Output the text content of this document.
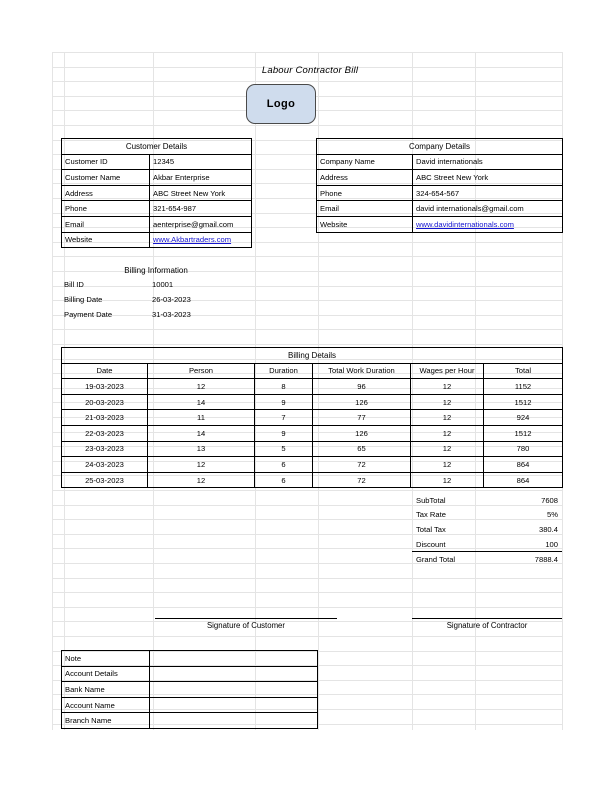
Labour Contractor Bill
Logo
Customer Details	
Customer ID	12345
Customer Name	Akbar Enterprise
Address	ABC Street New York
Phone	321-654-987
Email	aenterprise@gmail.com
Website	www.Akbartraders.com
Company Details	
Company Name	David internationals
Address	ABC Street New York
Phone	324-654-567
Email	david internationals@gmail.com
Website	www.davidinternationals.com
Billing Information	
Bill ID	10001
Billing Date	26-03-2023
Payment Date	31-03-2023
Billing Details					
Date	Person	Duration	Total Work Duration	Wages per Hour	Total
19-03-2023	12	8	96	12	1152
20-03-2023	14	9	126	12	1512
21-03-2023	11	7	77	12	924
22-03-2023	14	9	126	12	1512
23-03-2023	13	5	65	12	780
24-03-2023	12	6	72	12	864
25-03-2023	12	6	72	12	864
SubTotal	7608
Tax Rate	5%
Total Tax	380.4
Discount	100
Grand Total	7888.4
Signature of Customer	Signature of Contractor
Note	
Account Details	
Bank Name	
Account Name	
Branch Name	
